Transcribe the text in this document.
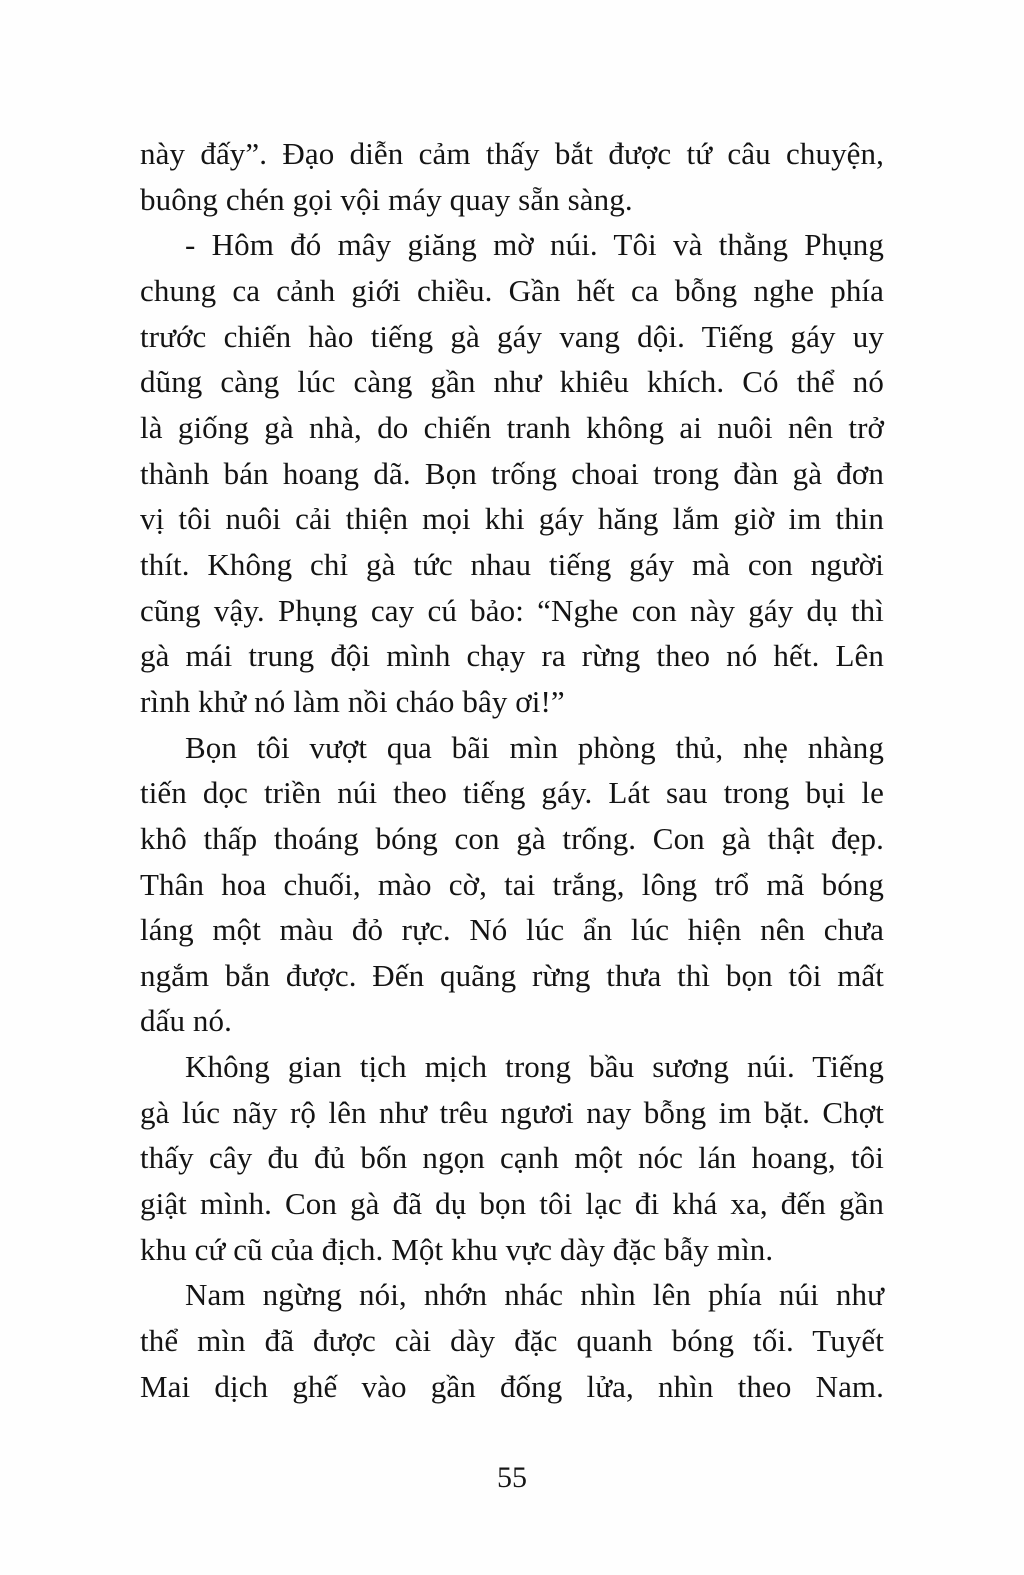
này đấy”. Đạo diễn cảm thấy bắt được tứ câu chuyện,
buông chén gọi vội máy quay sẵn sàng.
- Hôm đó mây giăng mờ núi. Tôi và thằng Phụng
chung ca cảnh giới chiều. Gần hết ca bỗng nghe phía
trước chiến hào tiếng gà gáy vang dội. Tiếng gáy uy
dũng càng lúc càng gần như khiêu khích. Có thể nó
là giống gà nhà, do chiến tranh không ai nuôi nên trở
thành bán hoang dã. Bọn trống choai trong đàn gà đơn
vị tôi nuôi cải thiện mọi khi gáy hăng lắm giờ im thin
thít. Không chỉ gà tức nhau tiếng gáy mà con người
cũng vậy. Phụng cay cú bảo: “Nghe con này gáy dụ thì
gà mái trung đội mình chạy ra rừng theo nó hết. Lên
rình khử nó làm nồi cháo bây ơi!”
Bọn tôi vượt qua bãi mìn phòng thủ, nhẹ nhàng
tiến dọc triền núi theo tiếng gáy. Lát sau trong bụi le
khô thấp thoáng bóng con gà trống. Con gà thật đẹp.
Thân hoa chuối, mào cờ, tai trắng, lông trổ mã bóng
láng một màu đỏ rực. Nó lúc ẩn lúc hiện nên chưa
ngắm bắn được. Đến quãng rừng thưa thì bọn tôi mất
dấu nó.
Không gian tịch mịch trong bầu sương núi. Tiếng
gà lúc nãy rộ lên như trêu ngươi nay bỗng im bặt. Chợt
thấy cây đu đủ bốn ngọn cạnh một nóc lán hoang, tôi
giật mình. Con gà đã dụ bọn tôi lạc đi khá xa, đến gần
khu cứ cũ của địch. Một khu vực dày đặc bẫy mìn.
Nam ngừng nói, nhớn nhác nhìn lên phía núi như
thể mìn đã được cài dày đặc quanh bóng tối. Tuyết
Mai dịch ghế vào gần đống lửa, nhìn theo Nam.
55
